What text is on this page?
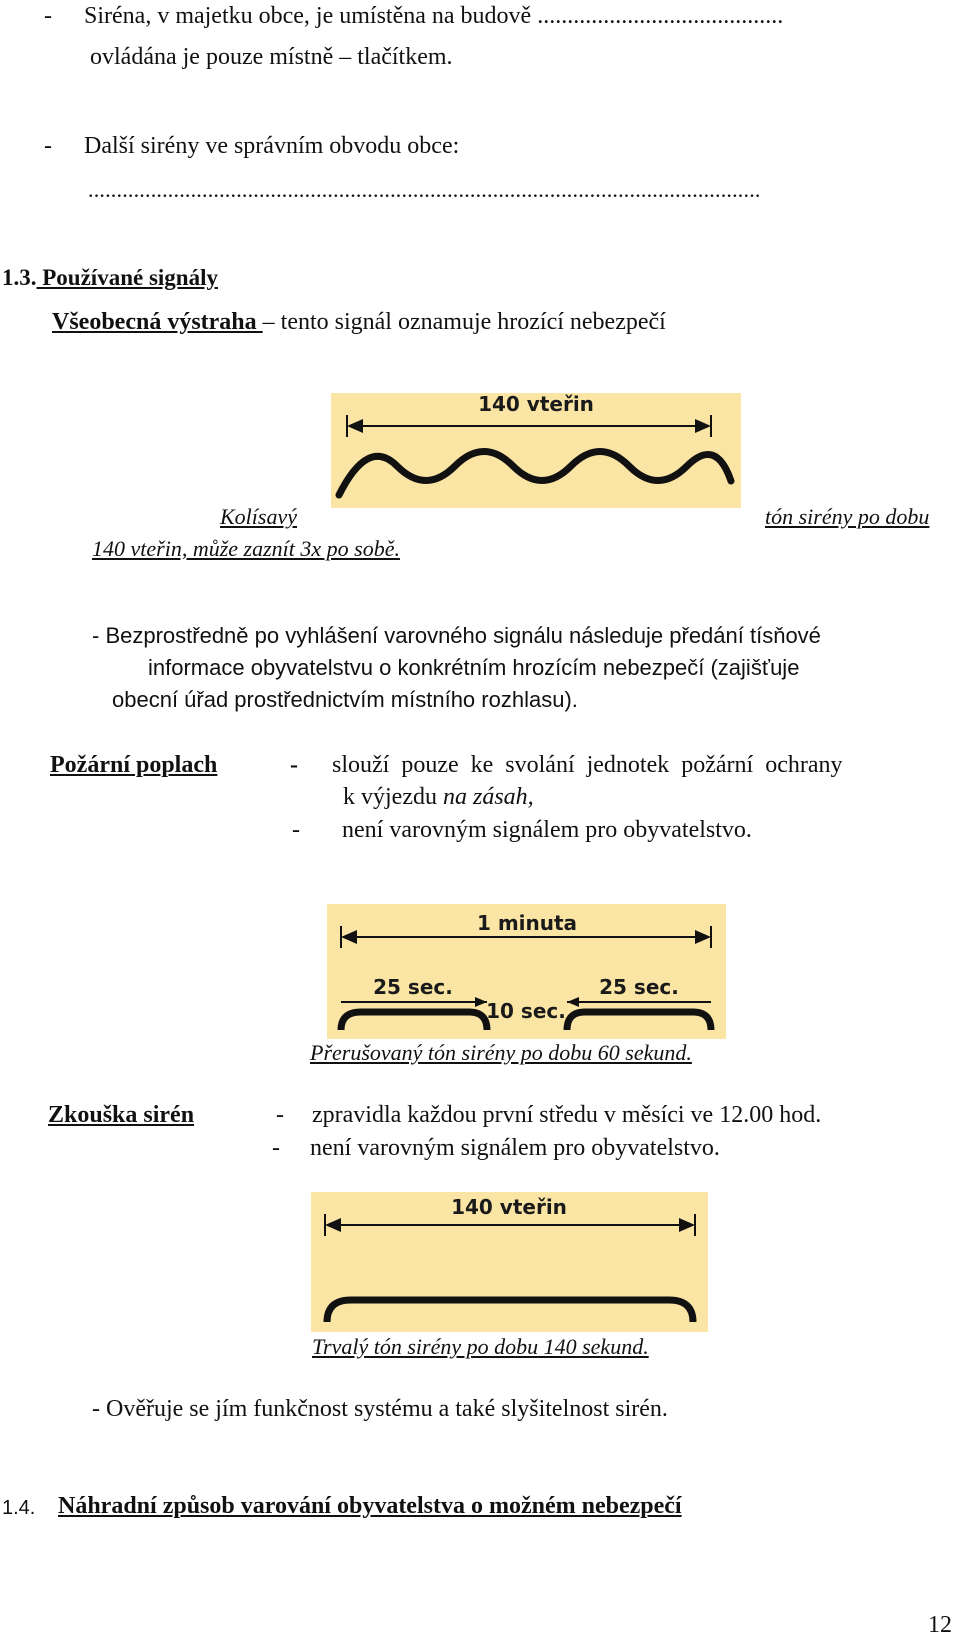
- Siréna, v majetku obce, je umístěna na budově .........................................
ovládána je pouze místně – tlačítkem.
- Další sirény ve správním obvodu obce:
......................................................................................................................
1.3. Používané signály
Všeobecná výstraha – tento signál oznamuje hrozící nebezpečí
140 vteřin
Kolísavý	tón sirény po dobu
140 vteřin, může zaznít 3x po sobě.
- Bezprostředně po vyhlášení varovného signálu následuje předání tísňové
informace obyvatelstvu o konkrétním hrozícím nebezpečí (zajišťuje
obecní úřad prostřednictvím místního rozhlasu).
Požární poplach	- slouží pouze ke svolání jednotek požární ochrany
k výjezdu na zásah,
- není varovným signálem pro obyvatelstvo.
1 minuta
25 sec.	25 sec.
10 sec.
Přerušovaný tón sirény po dobu 60 sekund.
Zkouška sirén	- zpravidla každou první středu v měsíci ve 12.00 hod.
- není varovným signálem pro obyvatelstvo.
140 vteřin
Trvalý tón sirény po dobu 140 sekund.
- Ověřuje se jím funkčnost systému a také slyšitelnost sirén.
1.4. Náhradní způsob varování obyvatelstva o možném nebezpečí
12
